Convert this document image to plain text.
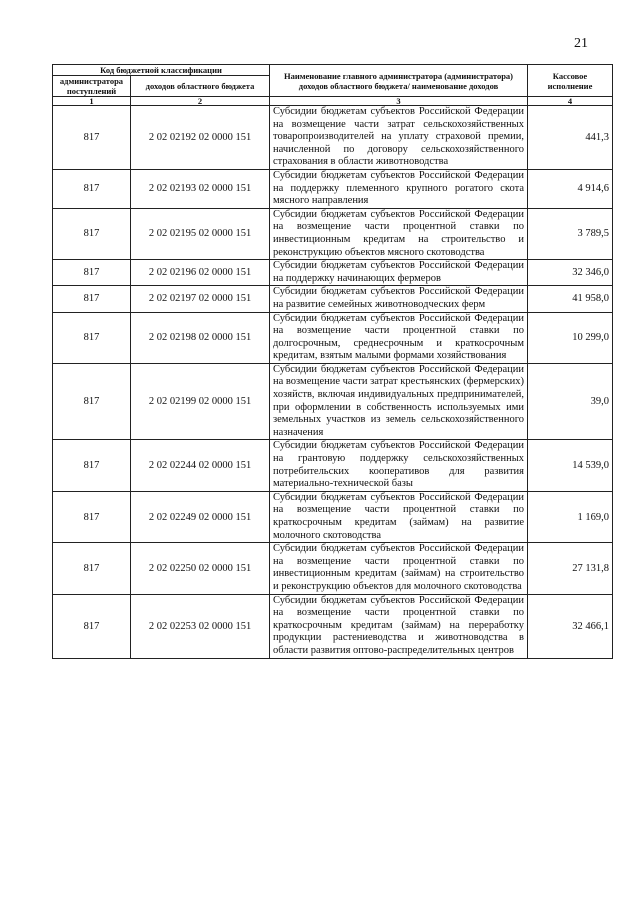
21
Код бюджетной классификации		Наименование главного администратора (администратора) доходов областного бюджета/ наименование доходов	Кассовое исполнение
администратора поступлений	доходов областного бюджета		
1	2	3	4
817	2 02 02192 02 0000 151	Субсидии бюджетам субъектов Российской Федерации на возмещение части затрат сельскохозяйственных товаропроизводителей на уплату страховой премии, начисленной по договору сельскохозяйственного страхования в области животноводства	441,3
817	2 02 02193 02 0000 151	Субсидии бюджетам субъектов Российской Федерации на поддержку племенного крупного рогатого скота мясного направления	4 914,6
817	2 02 02195 02 0000 151	Субсидии бюджетам субъектов Российской Федерации на возмещение части процентной ставки по инвестиционным кредитам на строительство и реконструкцию объектов мясного скотоводства	3 789,5
817	2 02 02196 02 0000 151	Субсидии бюджетам субъектов Российской Федерации на поддержку начинающих фермеров	32 346,0
817	2 02 02197 02 0000 151	Субсидии бюджетам субъектов Российской Федерации на развитие семейных животноводческих ферм	41 958,0
817	2 02 02198 02 0000 151	Субсидии бюджетам субъектов Российской Федерации на возмещение части процентной ставки по долгосрочным, среднесрочным и краткосрочным кредитам, взятым малыми формами хозяйствования	10 299,0
817	2 02 02199 02 0000 151	Субсидии бюджетам субъектов Российской Федерации на возмещение части затрат крестьянских (фермерских) хозяйств, включая индивидуальных предпринимателей, при оформлении в собственность используемых ими земельных участков из земель сельскохозяйственного назначения	39,0
817	2 02 02244 02 0000 151	Субсидии бюджетам субъектов Российской Федерации на грантовую поддержку сельскохозяйственных потребительских кооперативов для развития материально-технической базы	14 539,0
817	2 02 02249 02 0000 151	Субсидии бюджетам субъектов Российской Федерации на возмещение части процентной ставки по краткосрочным кредитам (займам) на развитие молочного скотоводства	1 169,0
817	2 02 02250 02 0000 151	Субсидии бюджетам субъектов Российской Федерации на возмещение части процентной ставки по инвестиционным кредитам (займам) на строительство и реконструкцию объектов для молочного скотоводства	27 131,8
817	2 02 02253 02 0000 151	Субсидии бюджетам субъектов Российской Федерации на возмещение части процентной ставки по краткосрочным кредитам (займам) на переработку продукции растениеводства и животноводства в области развития оптово-распределительных центров	32 466,1
